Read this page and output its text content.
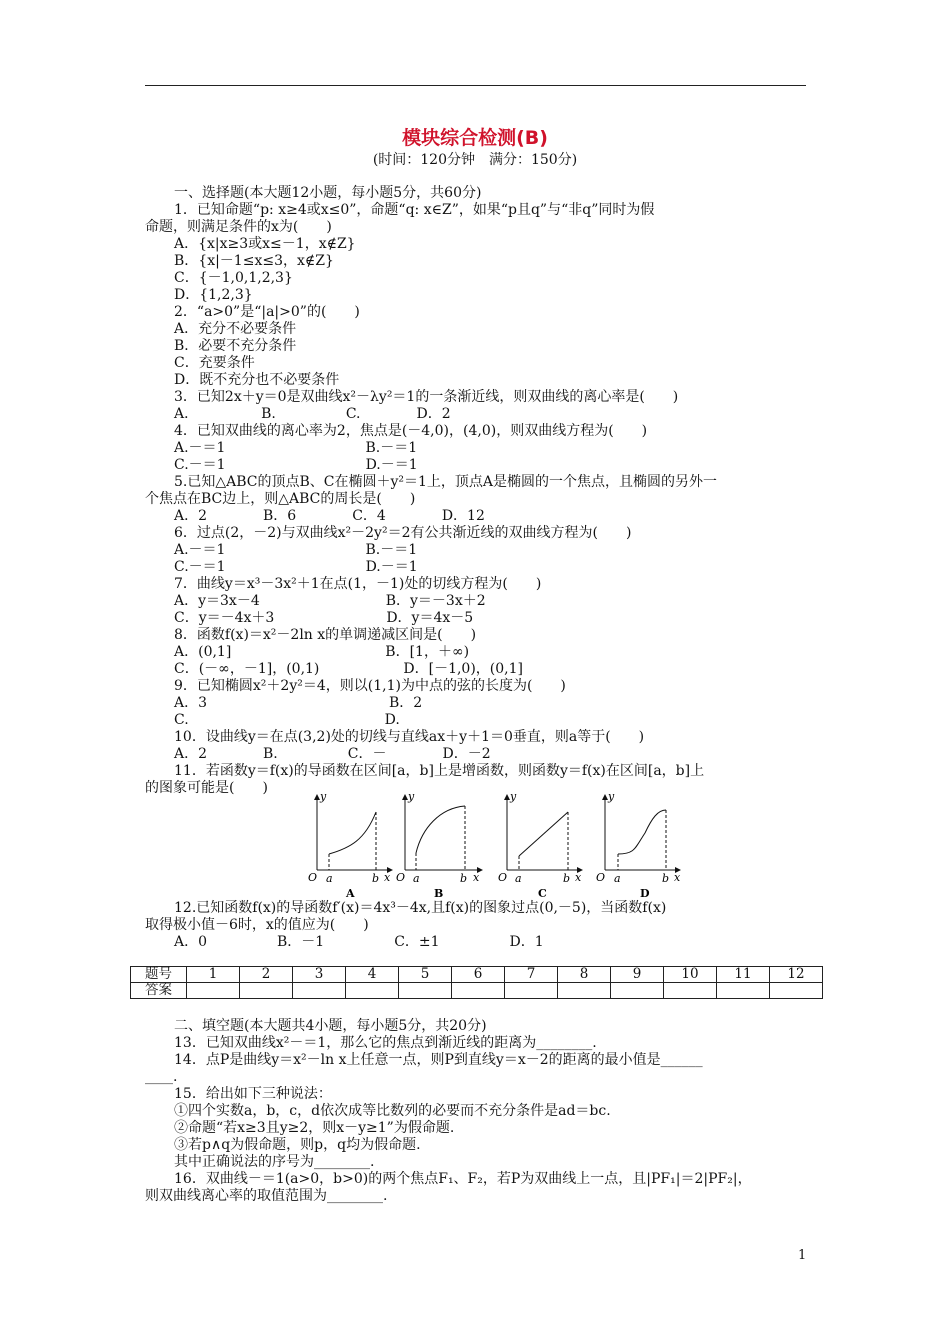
模块综合检测(B)
(时间：120分钟　满分：150分)
一、选择题(本大题12小题，每小题5分，共60分)
1．已知命题“p: x≥4或x≤0”，命题“q: x∈Z”，如果“p且q”与“非q”同时为假
命题，则满足条件的x为(　　)
A．{x|x≥3或x≤－1，x∉Z}
B．{x|－1≤x≤3，x∉Z}
C．{－1,0,1,2,3}
D．{1,2,3}
2．“a>0”是“|a|>0”的(　　)
A．充分不必要条件
B．必要不充分条件
C．充要条件
D．既不充分也不必要条件
3．已知2x＋y＝0是双曲线x²－λy²＝1的一条渐近线，则双曲线的离心率是(　　)
A．　　　　　B.　　　　　C.　　　　D．2
4．已知双曲线的离心率为2，焦点是(－4,0)，(4,0)，则双曲线方程为(　　)
A.－＝1　　　　　　　　　　B.－＝1
C.－＝1　　　　　　　　　　D.－＝1
5.已知△ABC的顶点B、C在椭圆＋y²＝1上，顶点A是椭圆的一个焦点，且椭圆的另外一
个焦点在BC边上，则△ABC的周长是(　　)
A．2　　　　B．6　　　　C．4　　　　D．12
6．过点(2，－2)与双曲线x²－2y²＝2有公共渐近线的双曲线方程为(　　)
A.－＝1　　　　　　　　　　B.－＝1
C.－＝1　　　　　　　　　　D.－＝1
7．曲线y＝x³－3x²＋1在点(1，－1)处的切线方程为(　　)
A．y＝3x－4　　　　　　　　　B．y＝－3x＋2
C．y＝－4x＋3　　　　　　　　D．y＝4x－5
8．函数f(x)＝x²－2ln x的单调递减区间是(　　)
A．(0,1]　　　　　　　　　　　B．[1，＋∞)
C．(－∞，－1]，(0,1)　　　　　　D．[－1,0)，(0,1]
9．已知椭圆x²＋2y²＝4，则以(1,1)为中点的弦的长度为(　　)
A．3　　　　　　　　　　　　　B．2
C.　　　　　　　　　　　　　　D.
10．设曲线y＝在点(3,2)处的切线与直线ax＋y＋1＝0垂直，则a等于(　　)
A．2　　　　B.　　　　　C．－　　　　D．－2
11．若函数y＝f(x)的导函数在区间[a，b]上是增函数，则函数y＝f(x)在区间[a，b]上
的图象可能是(　　)
O a	b x
y
A
O a	b x
y
B
O a	b x
y
C
O a	b x
y
D
12.已知函数f(x)的导函数f′(x)＝4x³－4x,且f(x)的图象过点(0,－5)，当函数f(x)
取得极小值－6时，x的值应为(　　)
A．0　　　　　B．－1　　　　　C．±1　　　　　D．1
题号	1	2	3	4	5	6	7	8	9	10	11	12
答案												
二、填空题(本大题共4小题，每小题5分，共20分)
13．已知双曲线x²－＝1，那么它的焦点到渐近线的距离为________.
14．点P是曲线y＝x²－ln x上任意一点，则P到直线y＝x－2的距离的最小值是______
____.
15．给出如下三种说法：
①四个实数a，b，c，d依次成等比数列的必要而不充分条件是ad＝bc.
②命题“若x≥3且y≥2，则x－y≥1”为假命题.
③若p∧q为假命题，则p，q均为假命题.
其中正确说法的序号为________.
16．双曲线－＝1(a>0，b>0)的两个焦点F₁、F₂，若P为双曲线上一点，且|PF₁|＝2|PF₂|，
则双曲线离心率的取值范围为________.
1
